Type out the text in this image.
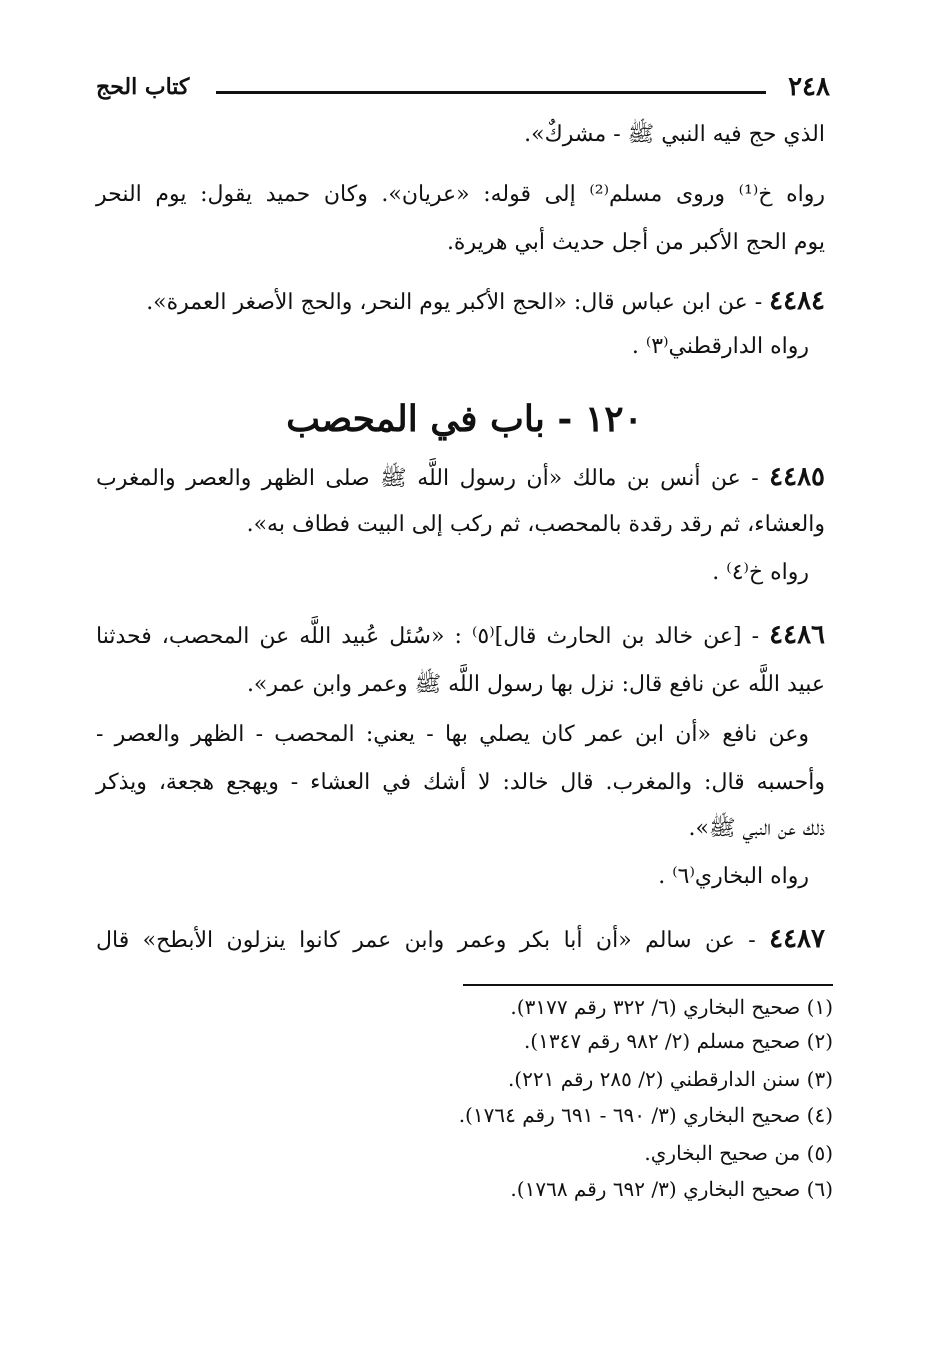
٢٤٨
كتاب الحج
الذي حج فيه النبي ﷺ - مشركٌ».
رواه خ⁽¹⁾ وروى مسلم⁽²⁾ إلى قوله: «عريان». وكان حميد يقول: يوم النحر
يوم الحج الأكبر من أجل حديث أبي هريرة.
٤٤٨٤ - عن ابن عباس قال: «الحج الأكبر يوم النحر، والحج الأصغر العمرة».
رواه الدارقطني⁽٣⁾ .
١٢٠ - باب في المحصب
٤٤٨٥ - عن أنس بن مالك «أن رسول اللَّه ﷺ صلى الظهر والعصر والمغرب
والعشاء، ثم رقد رقدة بالمحصب، ثم ركب إلى البيت فطاف به».
رواه خ⁽٤⁾ .
٤٤٨٦ - [عن خالد بن الحارث قال]⁽٥⁾ : «سُئل عُبيد اللَّه عن المحصب، فحدثنا
عبيد اللَّه عن نافع قال: نزل بها رسول اللَّه ﷺ وعمر وابن عمر».
وعن نافع «أن ابن عمر كان يصلي بها - يعني: المحصب - الظهر والعصر -
وأحسبه قال: والمغرب. قال خالد: لا أشك في العشاء - ويهجع هجعة، ويذكر
ذلك عن النبي ﷺ».
رواه البخاري⁽٦⁾ .
٤٤٨٧ - عن سالم «أن أبا بكر وعمر وابن عمر كانوا ينزلون الأبطح» قال
(١) صحيح البخاري (٦/ ٣٢٢ رقم ٣١٧٧).
(٢) صحيح مسلم (٢/ ٩٨٢ رقم ١٣٤٧).
(٣) سنن الدارقطني (٢/ ٢٨٥ رقم ٢٢١).
(٤) صحيح البخاري (٣/ ٦٩٠ - ٦٩١ رقم ١٧٦٤).
(٥) من صحيح البخاري.
(٦) صحيح البخاري (٣/ ٦٩٢ رقم ١٧٦٨).
